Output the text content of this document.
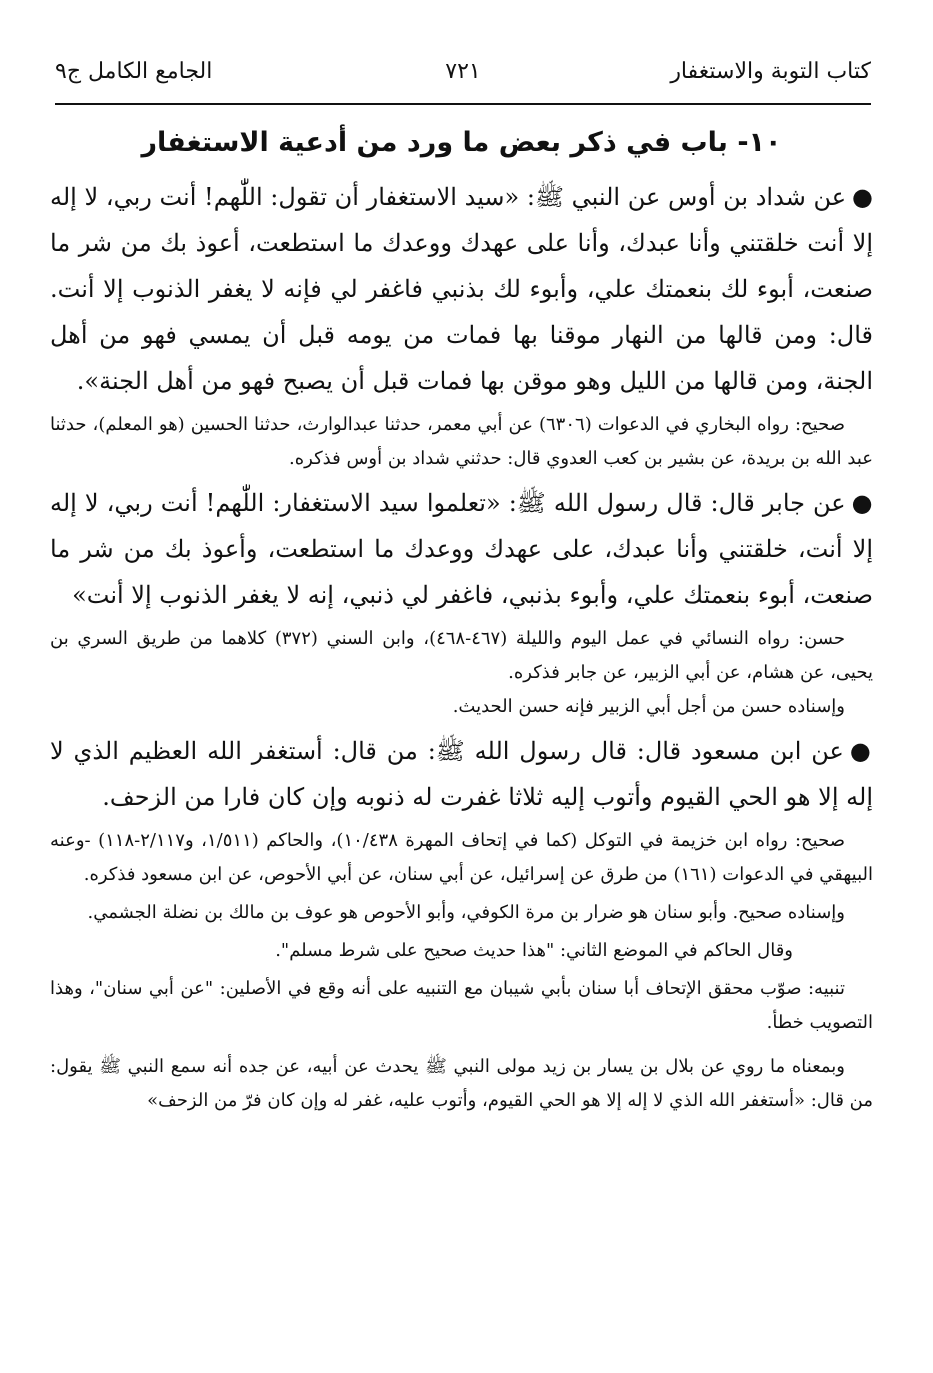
كتاب التوبة والاستغفار
٧٢١
الجامع الكامل ج٩
١٠- باب في ذكر بعض ما ورد من أدعية الاستغفار

●عن شداد بن أوس عن النبي ﷺ: «سيد الاستغفار أن تقول: اللّٰهم! أنت ربي، لا إله إلا أنت خلقتني وأنا عبدك، وأنا على عهدك ووعدك ما استطعت، أعوذ بك من شر ما صنعت، أبوء لك بنعمتك علي، وأبوء لك بذنبي فاغفر لي فإنه لا يغفر الذنوب إلا أنت. قال: ومن قالها من النهار موقنا بها فمات من يومه قبل أن يمسي فهو من أهل الجنة، ومن قالها من الليل وهو موقن بها فمات قبل أن يصبح فهو من أهل الجنة».

صحيح: رواه البخاري في الدعوات (٦٣٠٦) عن أبي معمر، حدثنا عبدالوارث، حدثنا الحسين (هو المعلم)، حدثنا عبد الله بن بريدة، عن بشير بن كعب العدوي قال: حدثني شداد بن أوس فذكره.

●عن جابر قال: قال رسول الله ﷺ: «تعلموا سيد الاستغفار: اللّٰهم! أنت ربي، لا إله إلا أنت، خلقتني وأنا عبدك، على عهدك ووعدك ما استطعت، وأعوذ بك من شر ما صنعت، أبوء بنعمتك علي، وأبوء بذنبي، فاغفر لي ذنبي، إنه لا يغفر الذنوب إلا أنت»

حسن: رواه النسائي في عمل اليوم والليلة (٤٦٧-٤٦٨)، وابن السني (٣٧٢) كلاهما من طريق السري بن يحيى، عن هشام، عن أبي الزبير، عن جابر فذكره.

وإسناده حسن من أجل أبي الزبير فإنه حسن الحديث.

●عن ابن مسعود قال: قال رسول الله ﷺ: من قال: أستغفر الله العظيم الذي لا إله إلا هو الحي القيوم وأتوب إليه ثلاثا غفرت له ذنوبه وإن كان فارا من الزحف.

صحيح: رواه ابن خزيمة في التوكل (كما في إتحاف المهرة ١٠/٤٣٨)، والحاكم (١/٥١١، و٢/١١٧-١١٨) -وعنه البيهقي في الدعوات (١٦١) من طرق عن إسرائيل، عن أبي سنان، عن أبي الأحوص، عن ابن مسعود فذكره.

وإسناده صحيح. وأبو سنان هو ضرار بن مرة الكوفي، وأبو الأحوص هو عوف بن مالك بن نضلة الجشمي.

وقال الحاكم في الموضع الثاني: "هذا حديث صحيح على شرط مسلم".

تنبيه: صوّب محقق الإتحاف أبا سنان بأبي شيبان مع التنبيه على أنه وقع في الأصلين: "عن أبي سنان"، وهذا التصويب خطأ.

وبمعناه ما روي عن بلال بن يسار بن زيد مولى النبي ﷺ يحدث عن أبيه، عن جده أنه سمع النبي ﷺ يقول: من قال: «أستغفر الله الذي لا إله إلا هو الحي القيوم، وأتوب عليه، غفر له وإن كان فرّ من الزحف»
